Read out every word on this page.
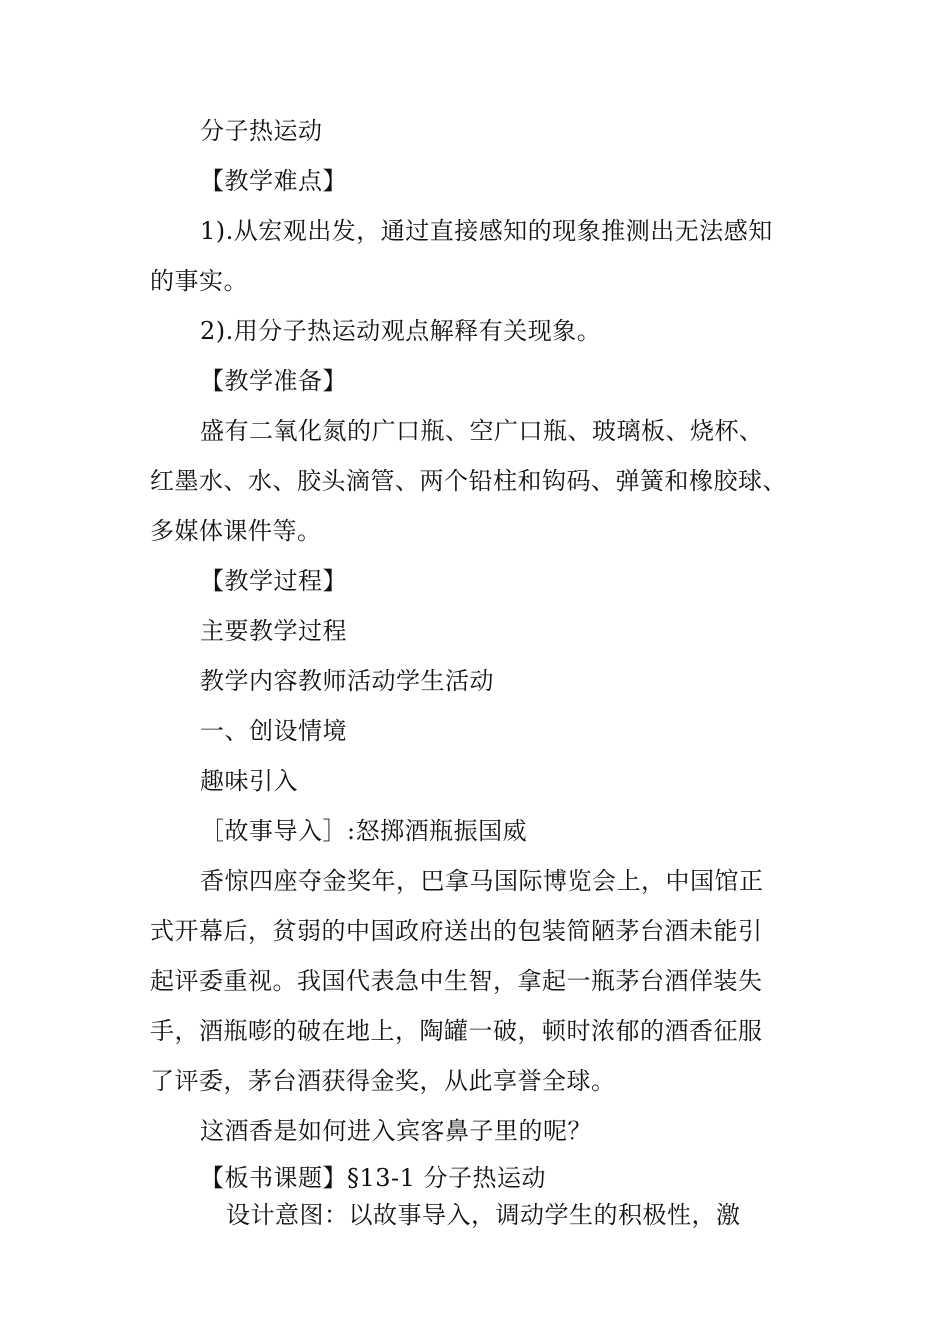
分子热运动
【教学难点】
1).从宏观出发，通过直接感知的现象推测出无法感知
的事实。
2).用分子热运动观点解释有关现象。
【教学准备】
盛有二氧化氮的广口瓶、空广口瓶、玻璃板、烧杯、
红墨水、水、胶头滴管、两个铅柱和钩码、弹簧和橡胶球、
多媒体课件等。
【教学过程】
主要教学过程
教学内容教师活动学生活动
一、创设情境
趣味引入
［故事导入］:怒掷酒瓶振国威
香惊四座夺金奖年，巴拿马国际博览会上，中国馆正
式开幕后，贫弱的中国政府送出的包装简陋茅台酒未能引
起评委重视。我国代表急中生智，拿起一瓶茅台酒佯装失
手，酒瓶嘭的破在地上，陶罐一破，顿时浓郁的酒香征服
了评委，茅台酒获得金奖，从此享誉全球。
这酒香是如何进入宾客鼻子里的呢？
【板书课题】§13-1 分子热运动
设计意图：以故事导入，调动学生的积极性，激
